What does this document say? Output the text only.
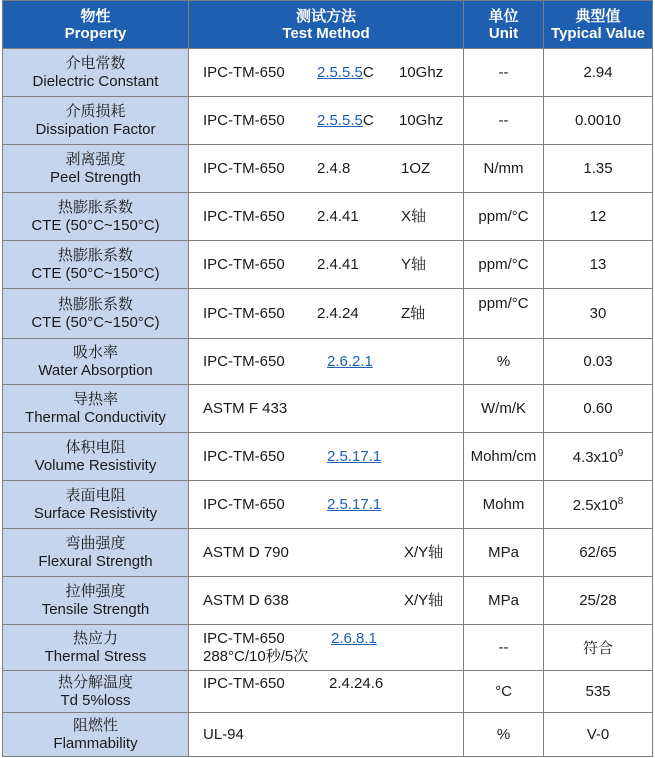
物性
Property	测试方法
Test Method	单位
Unit	典型值
Typical Value

介电常数
Dielectric Constant	IPC-TM-650 2.5.5.5C 10Ghz	--	2.94

介质损耗
Dissipation Factor	IPC-TM-650 2.5.5.5C 10Ghz	--	0.0010

剥离强度
Peel Strength	IPC-TM-650 2.4.8 1OZ	N/mm	1.35

热膨胀系数
CTE (50°C~150°C)	IPC-TM-650 2.4.41 X轴	ppm/°C	12

热膨胀系数
CTE (50°C~150°C)	IPC-TM-650 2.4.41 Y轴	ppm/°C	13

热膨胀系数
CTE (50°C~150°C)	IPC-TM-650 2.4.24 Z轴	ppm/°C	30

吸水率
Water Absorption	IPC-TM-650 2.6.2.1	%	0.03

导热率
Thermal Conductivity	ASTM F 433	W/m/K	0.60

体积电阻
Volume Resistivity	IPC-TM-650 2.5.17.1	Mohm/cm	$4.3x10^9$

表面电阻
Surface Resistivity	IPC-TM-650 2.5.17.1	Mohm	$2.5x10^8$

弯曲强度
Flexural Strength	ASTM D 790 X/Y轴	MPa	62/65

拉伸强度
Tensile Strength	ASTM D 638 X/Y轴	MPa	25/28

热应力
Thermal Stress	IPC-TM-650 2.6.8.1
288°C/10秒/5次	--	符合

热分解温度
Td 5%loss	IPC-TM-650 2.4.24.6	°C	535

阻燃性
Flammability	UL-94	%	V-0
